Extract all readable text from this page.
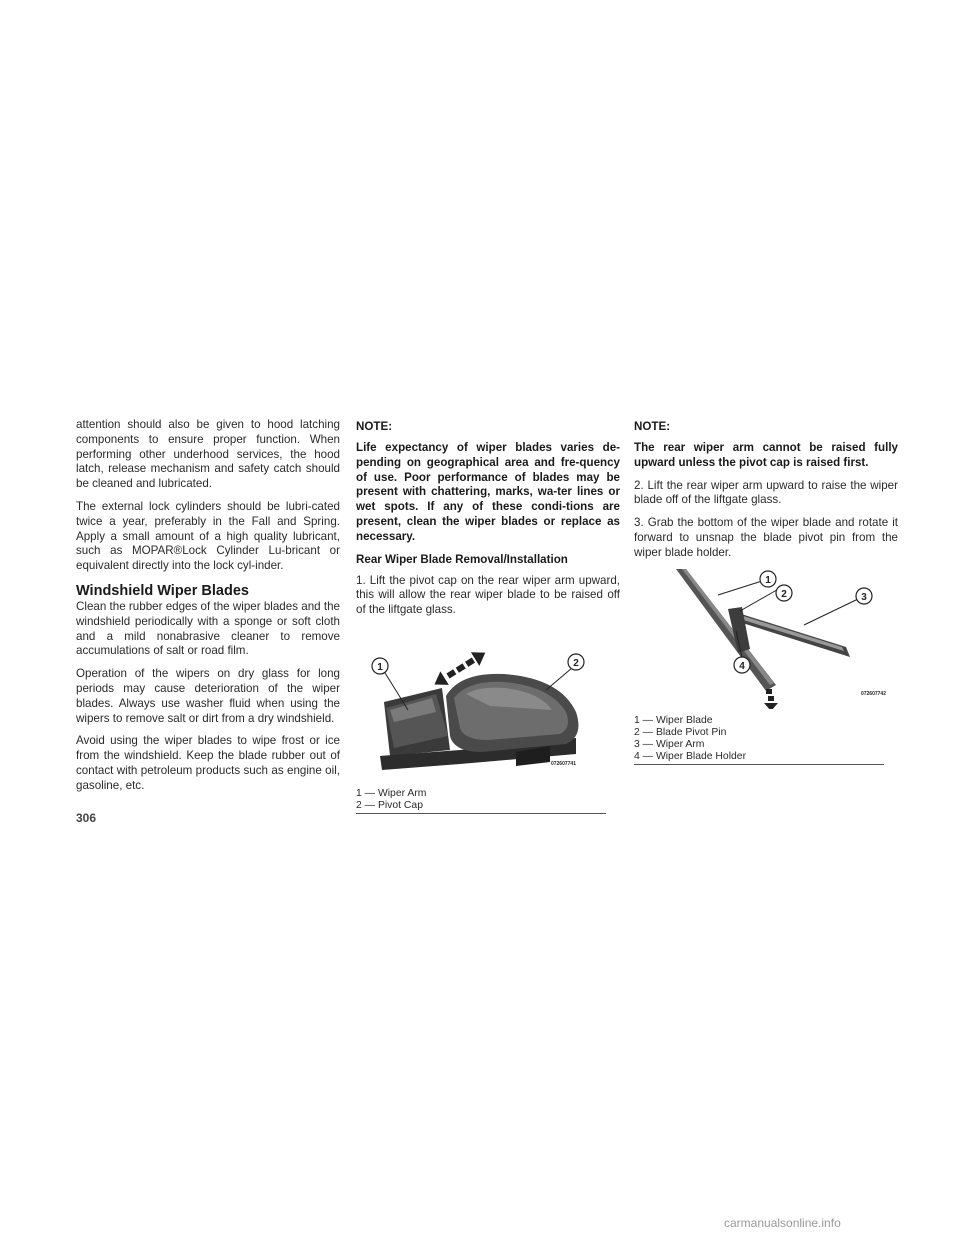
attention should also be given to hood latching components to ensure proper function. When performing other underhood services, the hood latch, release mechanism and safety catch should be cleaned and lubricated.

The external lock cylinders should be lubri-cated twice a year, preferably in the Fall and Spring. Apply a small amount of a high quality lubricant, such as MOPAR®Lock Cylinder Lu-bricant or equivalent directly into the lock cyl-inder.

Windshield Wiper Blades

Clean the rubber edges of the wiper blades and the windshield periodically with a sponge or soft cloth and a mild nonabrasive cleaner to remove accumulations of salt or road film.

Operation of the wipers on dry glass for long periods may cause deterioration of the wiper blades. Always use washer fluid when using the wipers to remove salt or dirt from a dry windshield.

Avoid using the wiper blades to wipe frost or ice from the windshield. Keep the blade rubber out of contact with petroleum products such as engine oil, gasoline, etc.

NOTE:

Life expectancy of wiper blades varies de-pending on geographical area and fre-quency of use. Poor performance of blades may be present with chattering, marks, wa-ter lines or wet spots. If any of these condi-tions are present, clean the wiper blades or replace as necessary.

Rear Wiper Blade Removal/Installation

1. Lift the pivot cap on the rear wiper arm upward, this will allow the rear wiper blade to be raised off of the liftgate glass.

1	2
072607741
1 — Wiper Arm
2 — Pivot Cap
NOTE:

The rear wiper arm cannot be raised fully upward unless the pivot cap is raised first.

2. Lift the rear wiper arm upward to raise the wiper blade off of the liftgate glass.

3. Grab the bottom of the wiper blade and rotate it forward to unsnap the blade pivot pin from the wiper blade holder.

1
2	3
4
072607742
1 — Wiper Blade
2 — Blade Pivot Pin
3 — Wiper Arm
4 — Wiper Blade Holder
306
carmanualsonline.info
